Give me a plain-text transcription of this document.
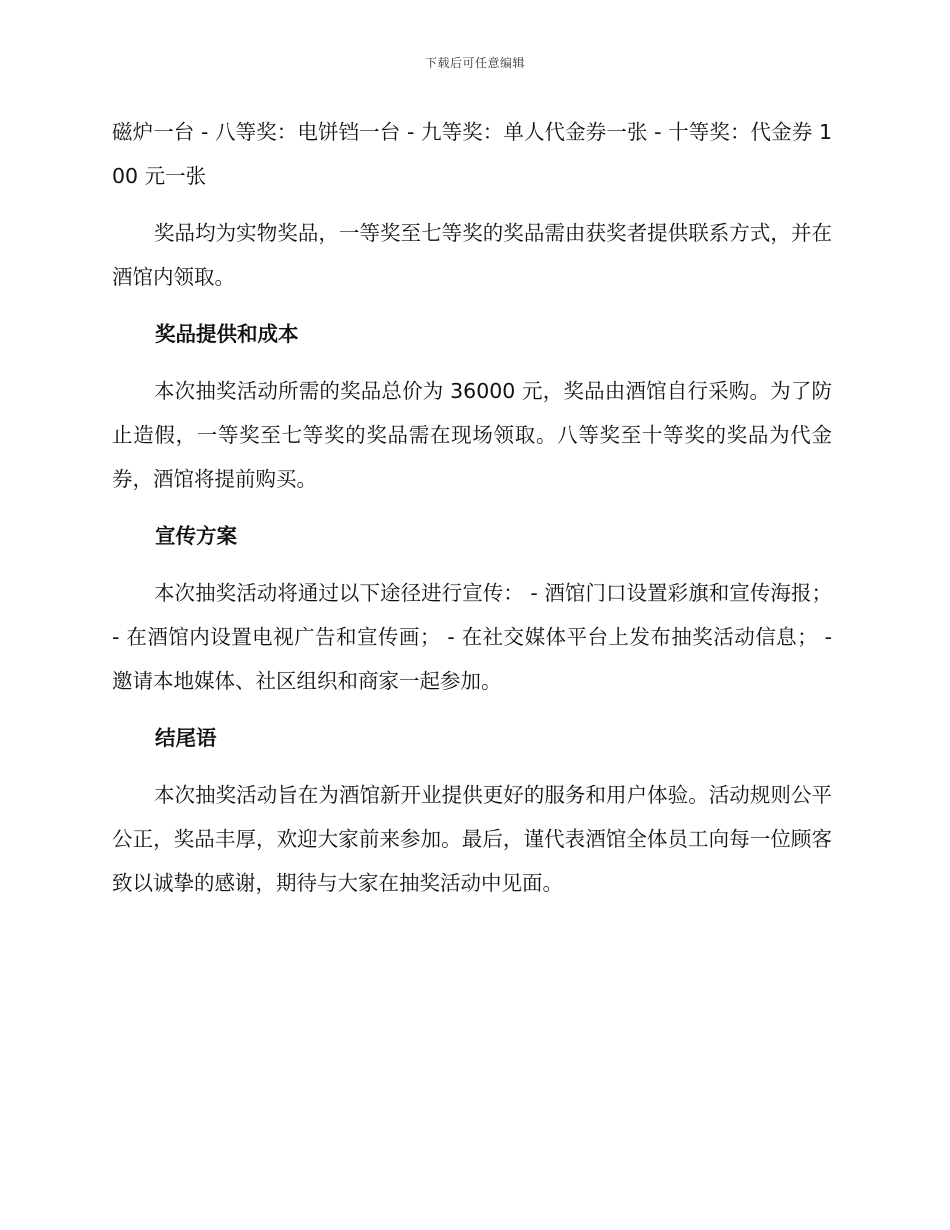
下载后可任意编辑

磁炉一台 - 八等奖：电饼铛一台 - 九等奖：单人代金券一张 - 十等奖：代金券 100 元一张

奖品均为实物奖品，一等奖至七等奖的奖品需由获奖者提供联系方式，并在酒馆内领取。

奖品提供和成本

本次抽奖活动所需的奖品总价为 36000 元，奖品由酒馆自行采购。为了防止造假，一等奖至七等奖的奖品需在现场领取。八等奖至十等奖的奖品为代金券，酒馆将提前购买。

宣传方案

本次抽奖活动将通过以下途径进行宣传： - 酒馆门口设置彩旗和宣传海报； - 在酒馆内设置电视广告和宣传画； - 在社交媒体平台上发布抽奖活动信息； - 邀请本地媒体、社区组织和商家一起参加。

结尾语

本次抽奖活动旨在为酒馆新开业提供更好的服务和用户体验。活动规则公平公正，奖品丰厚，欢迎大家前来参加。最后，谨代表酒馆全体员工向每一位顾客致以诚挚的感谢，期待与大家在抽奖活动中见面。
